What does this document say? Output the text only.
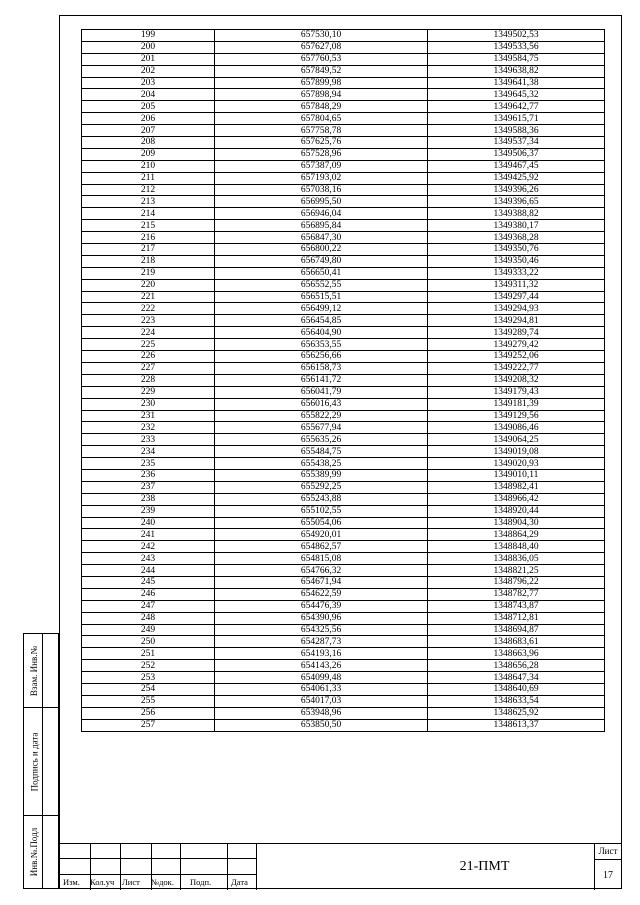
199	657530,10	1349502,53
200	657627,08	1349533,56
201	657760,53	1349584,75
202	657849,52	1349638,82
203	657899,98	1349641,38
204	657898,94	1349645,32
205	657848,29	1349642,77
206	657804,65	1349615,71
207	657758,78	1349588,36
208	657625,76	1349537,34
209	657528,96	1349506,37
210	657387,09	1349467,45
211	657193,02	1349425,92
212	657038,16	1349396,26
213	656995,50	1349396,65
214	656946,04	1349388,82
215	656895,84	1349380,17
216	656847,30	1349368,28
217	656800,22	1349350,76
218	656749,80	1349350,46
219	656650,41	1349333,22
220	656552,55	1349311,32
221	656515,51	1349297,44
222	656499,12	1349294,93
223	656454,85	1349294,81
224	656404,90	1349289,74
225	656353,55	1349279,42
226	656256,66	1349252,06
227	656158,73	1349222,77
228	656141,72	1349208,32
229	656041,79	1349179,43
230	656016,43	1349181,39
231	655822,29	1349129,56
232	655677,94	1349086,46
233	655635,26	1349064,25
234	655484,75	1349019,08
235	655438,25	1349020,93
236	655389,99	1349010,11
237	655292,25	1348982,41
238	655243,88	1348966,42
239	655102,55	1348920,44
240	655054,06	1348904,30
241	654920,01	1348864,29
242	654862,57	1348848,40
243	654815,08	1348836,05
244	654766,32	1348821,25
245	654671,94	1348796,22
246	654622,59	1348782,77
247	654476,39	1348743,87
248	654390,96	1348712,81
249	654325,56	1348694,87
250	654287,73	1348683,61
251	654193,16	1348663,96
252	654143,26	1348656,28
253	654099,48	1348647,34
254	654061,33	1348640,69
255	654017,03	1348633,54
256	653948,96	1348625,92
257	653850,50	1348613,37
Взам. Инв.№
Подпись и дата
Инв.№.Подл
Изм. Кол.уч Лист №док. Подп. Дата
21-ПМТ
Лист
17
